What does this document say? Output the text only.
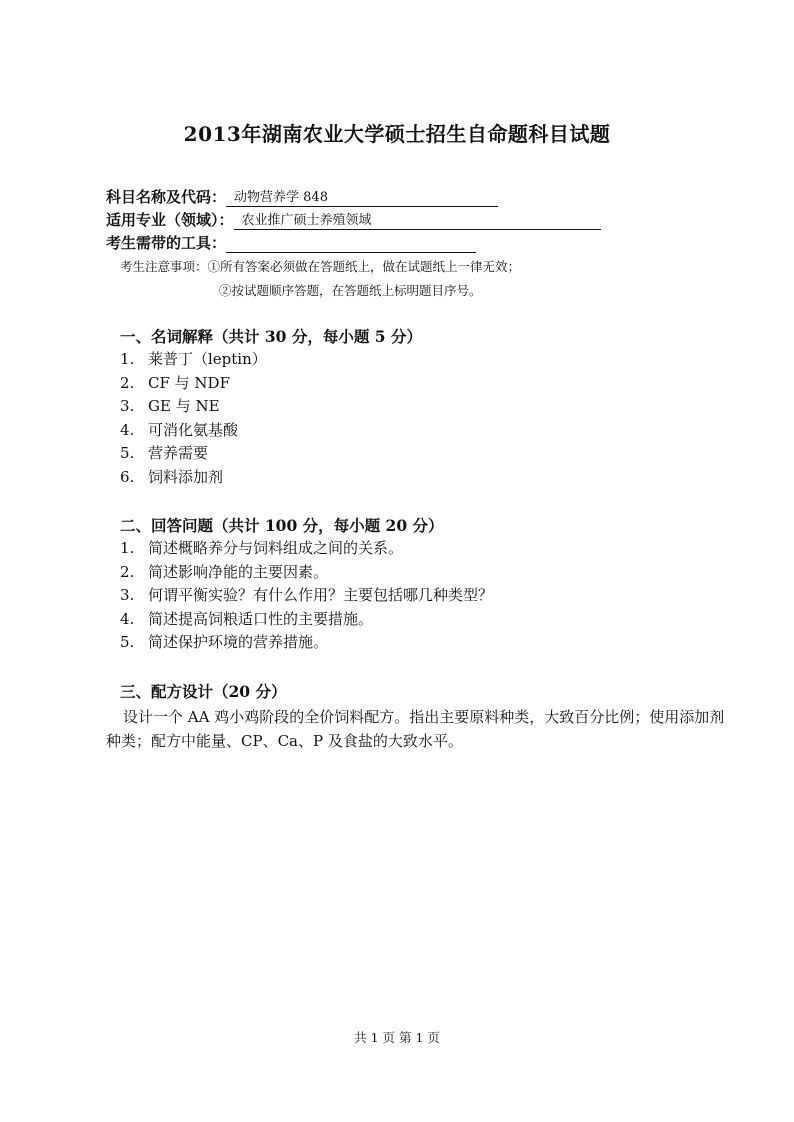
2013年湖南农业大学硕士招生自命题科目试题
科目名称及代码： 动物营养学 848
适用专业（领域）： 农业推广硕士养殖领域
考生需带的工具：
考生注意事项：①所有答案必须做在答题纸上，做在试题纸上一律无效；
②按试题顺序答题，在答题纸上标明题目序号。
一、名词解释（共计 30 分，每小题 5 分）
1. 莱普丁（leptin）
2. CF 与 NDF
3. GE 与 NE
4. 可消化氨基酸
5. 营养需要
6. 饲料添加剂
二、回答问题（共计 100 分，每小题 20 分）
1. 简述概略养分与饲料组成之间的关系。
2. 简述影响净能的主要因素。
3. 何谓平衡实验？有什么作用？主要包括哪几种类型？
4. 简述提高饲粮适口性的主要措施。
5. 简述保护环境的营养措施。
三、配方设计（20 分）
设计一个 AA 鸡小鸡阶段的全价饲料配方。指出主要原料种类，大致百分比例；使用添加剂种类；配方中能量、CP、Ca、P 及食盐的大致水平。
共 1 页 第 1 页
